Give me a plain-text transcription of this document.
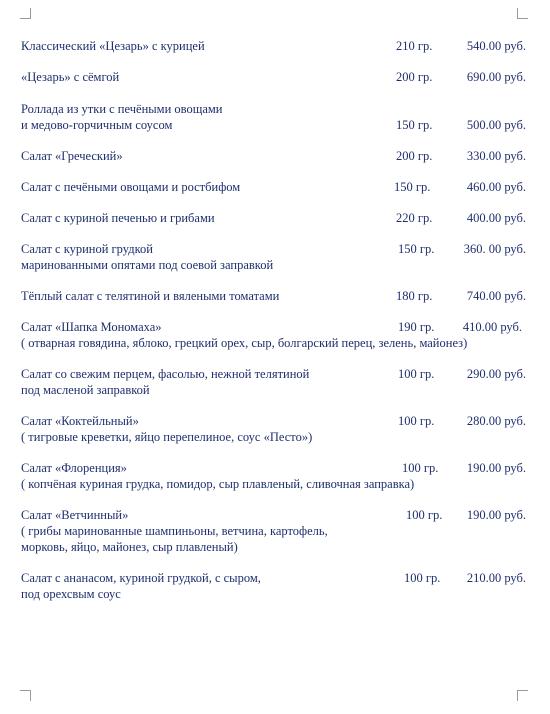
Классический «Цезарь» с курицей	210 гр.	540.00 руб.
«Цезарь» с сёмгой	200 гр.	690.00 руб.
Роллада из утки с печёными овощами
и медово-горчичным соусом	150 гр.	500.00 руб.
Салат «Греческий»	200 гр.	330.00 руб.
Салат с печёными овощами и ростбифом	150 гр.	460.00 руб.
Салат с куриной печенью и грибами	220 гр.	400.00 руб.
Салат с куриной грудкой	150 гр. 360. 00 руб.
маринованными опятами под соевой заправкой
Тёплый салат с телятиной и вялеными томатами	180 гр.	740.00 руб.
Салат «Шапка Мономаха»	190 гр. 410.00 руб.
( отварная говядина, яблоко, грецкий орех, сыр, болгарский перец, зелень, майонез)
Салат со свежим перцем, фасолью, нежной телятиной	100 гр.	290.00 руб.
под масленой заправкой
Салат «Коктейльный»	100 гр.	280.00 руб.
( тигровые креветки, яйцо перепелиное, соус «Песто»)
Салат «Флоренция»	100 гр. 190.00 руб.
( копчёная куриная грудка, помидор, сыр плавленый, сливочная заправка)
Салат «Ветчинный»	100 гр. 190.00 руб.
( грибы маринованные шампиньоны, ветчина, картофель,
морковь, яйцо, майонез, сыр плавленый)
Салат с ананасом, куриной грудкой, с сыром,	100 гр. 210.00 руб.
под орехсвым соус
